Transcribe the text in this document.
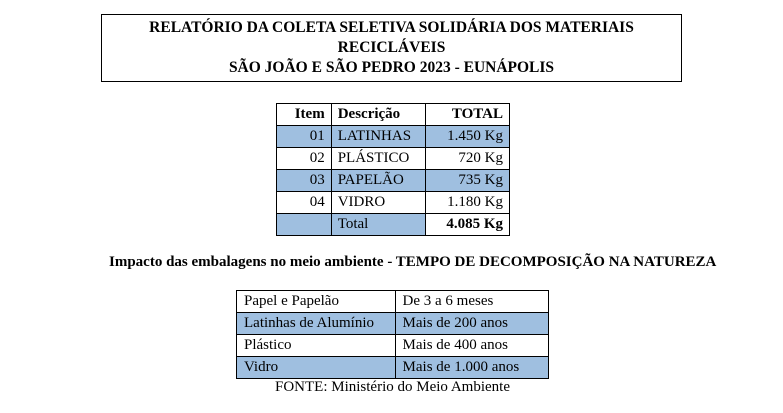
RELATÓRIO DA COLETA SELETIVA SOLIDÁRIA DOS MATERIAIS
RECICLÁVEIS
SÃO JOÃO E SÃO PEDRO 2023 - EUNÁPOLIS
Item	Descrição	TOTAL
01	LATINHAS	1.450 Kg
02	PLÁSTICO	720 Kg
03	PAPELÃO	735 Kg
04	VIDRO	1.180 Kg
	Total	4.085 Kg
Impacto das embalagens no meio ambiente - TEMPO DE DECOMPOSIÇÃO NA NATUREZA
Papel e Papelão	De 3 a 6 meses
Latinhas de Alumínio	Mais de 200 anos
Plástico	Mais de 400 anos
Vidro	Mais de 1.000 anos
FONTE: Ministério do Meio Ambiente
